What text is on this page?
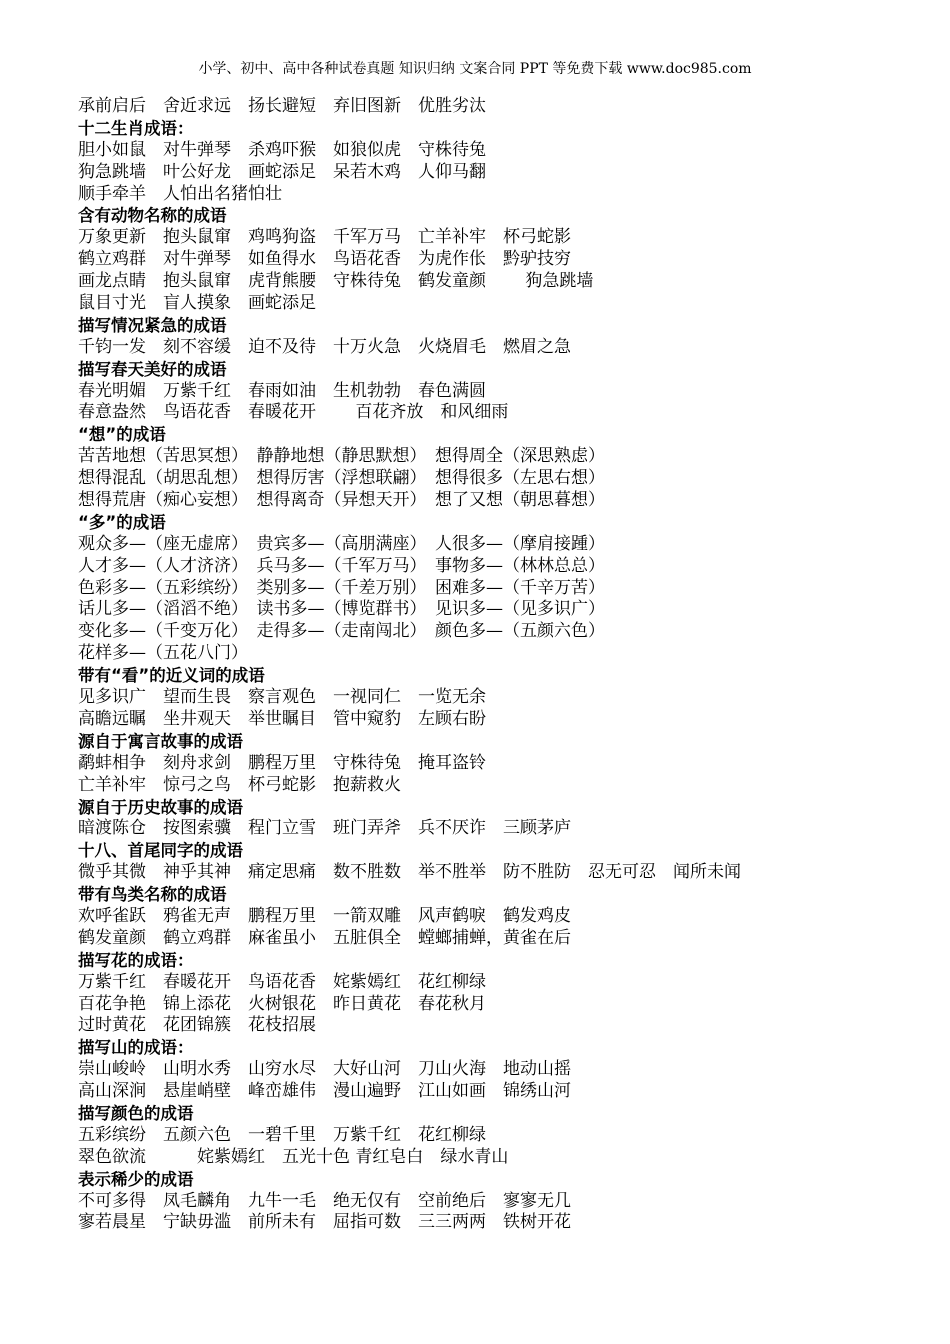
小学、初中、高中各种试卷真题 知识归纳 文案合同 PPT 等免费下载 www.doc985.com
承前启后　舍近求远　扬长避短　弃旧图新　优胜劣汰
十二生肖成语：
胆小如鼠　对牛弹琴　杀鸡吓猴　如狼似虎　守株待兔
狗急跳墙　叶公好龙　画蛇添足　呆若木鸡　人仰马翻
顺手牵羊　人怕出名猪怕壮
含有动物名称的成语
万象更新　抱头鼠窜　鸡鸣狗盗　千军万马　亡羊补牢　杯弓蛇影
鹤立鸡群　对牛弹琴　如鱼得水　鸟语花香　为虎作伥　黔驴技穷
画龙点睛　抱头鼠窜　虎背熊腰　守株待兔　鹤发童颜　　 狗急跳墙
鼠目寸光　盲人摸象　画蛇添足
描写情况紧急的成语
千钧一发　刻不容缓　迫不及待　十万火急　火烧眉毛　燃眉之急
描写春天美好的成语
春光明媚　万紫千红　春雨如油　生机勃勃　春色满圆
春意盎然　鸟语花香　春暖花开　　 百花齐放　和风细雨
“想”的成语
苦苦地想（苦思冥想）　静静地想（静思默想）　想得周全（深思熟虑）
想得混乱（胡思乱想）　想得厉害（浮想联翩）　想得很多（左思右想）
想得荒唐（痴心妄想）　想得离奇（异想天开）　想了又想（朝思暮想）
“多”的成语
观众多—（座无虚席）　贵宾多—（高朋满座）　人很多—（摩肩接踵）
人才多—（人才济济）　兵马多—（千军万马）　事物多—（林林总总）
色彩多—（五彩缤纷）　类别多—（千差万别）　困难多—（千辛万苦）
话儿多—（滔滔不绝）　读书多—（博览群书）　见识多—（见多识广）
变化多—（千变万化）　走得多—（走南闯北）　颜色多—（五颜六色）
花样多—（五花八门）
带有“看”的近义词的成语
见多识广　望而生畏　察言观色　一视同仁　一览无余
高瞻远瞩　坐井观天　举世瞩目　管中窥豹　左顾右盼
源自于寓言故事的成语
鹬蚌相争　刻舟求剑　鹏程万里　守株待兔　掩耳盗铃
亡羊补牢　惊弓之鸟　杯弓蛇影　抱薪救火
源自于历史故事的成语
暗渡陈仓　按图索骥　程门立雪　班门弄斧　兵不厌诈　三顾茅庐
十八、首尾同字的成语
微乎其微　神乎其神　痛定思痛　数不胜数　举不胜举　防不胜防　忍无可忍　闻所未闻
带有鸟类名称的成语
欢呼雀跃　鸦雀无声　鹏程万里　一箭双雕　风声鹤唳　鹤发鸡皮
鹤发童颜　鹤立鸡群　麻雀虽小　五脏俱全　螳螂捕蝉，黄雀在后
描写花的成语：
万紫千红　春暖花开　鸟语花香　姹紫嫣红　花红柳绿
百花争艳　锦上添花　火树银花　昨日黄花　春花秋月
过时黄花　花团锦簇　花枝招展
描写山的成语：
崇山峻岭　山明水秀　山穷水尽　大好山河　刀山火海　地动山摇
高山深涧　悬崖峭壁　峰峦雄伟　漫山遍野　江山如画　锦绣山河
描写颜色的成语
五彩缤纷　五颜六色　一碧千里　万紫千红　花红柳绿
翠色欲流　　　姹紫嫣红　五光十色 青红皂白　绿水青山
表示稀少的成语
不可多得　凤毛麟角　九牛一毛　绝无仅有　空前绝后　寥寥无几
寥若晨星　宁缺毋滥　前所未有　屈指可数　三三两两　铁树开花
